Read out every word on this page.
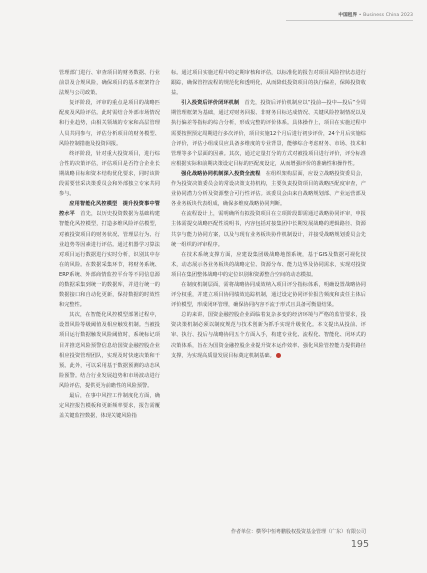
中国租界 • Business China 2023

管理部门进行、审查项目的财务数据、行业前景及合规风险，确保项目的基本框架符合法规与公司政策。

复评阶段，评审的重点是项目的战略匹配度及风险评估。此时需结合外部市场情况和行业趋势，由相关领域的专家和高层管理人员共同参与，评估分析项目的财务模型、风险控制措施及投资回报。

终评阶段，针对重大投资项目，进行综合性的决策评估，评估项目是否符合企业长期战略目标和资本结构优化要求，同时该阶段需要营采决策委员会和外部独立专家共同参与。

应用智能化风控模型　提升投资事中管控水平　 首先，以历史投资数据为基础构建智能化风控模型，打造多维风险评估模型，对被投资项目的财务状况、管理层行为、行业趋势等因素进行评估。通过机器学习算法对项目运行数据进行实时分析，识别其中存在的风险。在数据采集环节，将财务系统、ERP系统、外部商情监控平台等不同信息源的数据采集到统一的数据库，并进行统一的数据接口和自动化更新，保持数据的时效性和完整性。

其次，在智能化风控模型部署过程中，设置风险等级阈值及相应触发机制。当被投项目运行数据触发风险阈值时，系统标记项目并推送风险预警信息给国资金融控股企业相应投资管理团队，实现及时快速决策和干预。此外，可以采用基于数据预测的动态风险预警。结合行业发展趋势和市场波动进行风险评估，提供更为前瞻性的风险预警。

最后，在事中风控工作制度化方面，确定风控报告模板和更新频率要求，报告需覆盖关键监控数据，体现关键风险指

标。通过项目实施过程中的定期审核和评估，以标准化的报告对项目风险控状态进行跟踪，确保管控流程的规范化和透明化，从而降低投资项目的执行偏差，保障投资收益。

引入投资后评价闭环机制　 首先，投资后评价机制应以“投前—投中—投后”全周期管理框架为基础，通过对财务回报、非财务目标达成情况、关键风险控制情况以及执行偏差等指标的综合分析，形成完整的评价体系。具体操作上，项目在实施过程中需要按照预定周期进行多次评价，项目实施12个月后进行初步评价，24个月后实施综合评价，评估小组成员应具备多维度的专业背景，能够综合考虑财务、市场、技术和管理等多个层面的因素。其次，通过定量打分的方式对被投项目进行评价，评分标准应根据实际和前期决策设定目标的匹配度设定，从而增强评价的准确性和操作性。

强化战略协同机制深入投资全流程　 在组织架构层面，应设立战略投资委员会，作为投资决策委员会的常设决策支持机构，主要负责投资项目的战略匹配度审查，产业协同潜力分析及资源整合可行性评估。该委员会由来自战略规划部、产业运营部及各业务板块代表组成，确保多维度战略协同判断。

在流程设计上，需明确所有拟投资项目在立项阶段即需通过战略协同评审，申报主体需提交战略匹配性说明书，内容包括对接集团中长期发展战略的逻辑路径、资源共享与能力协同方案，以及与现有业务板块协作机制设计，并接受战略规划委员会先统一组织的评审程序。

在技术系统支撑方面，应建设集团级战略地图系统，基于GIS及数据可视化技术，动态展示各业务板块的战略定位、资源分布、能力边界及协同需求，实现对投资项目在集团整体战略中的定位识别和资源整合空间的动态模拟。

在制度机制层面，需将战略协同成效纳入项目评分指标体系，明确设置战略协同评分权重，并建立项目协同绩效追踪机制，通过设定协同评价报告频度和责任主体后评价模型，形成闭环管理，确保协同内容不流于形式且具备可衡量结果。

总的来讲，国资金融控股企业面临着复杂多变的经济环境与严格的监管要求，投资决策机制必须以制度规范与技术创新为抓手实现升级优化。本文提出从投前、评审、执行、投后与战略协同五个方面入手，构建专业化、流程化、智能化、闭环式的决策体系，旨在为国资金融控股企业提升资本运作效率、强化风险管控能力提供路径支撑，为实现高质量发展目标奠定机制基础。

作者单位：横琴中恒粤鹏股权投资基金管理（广东）有限公司
195
